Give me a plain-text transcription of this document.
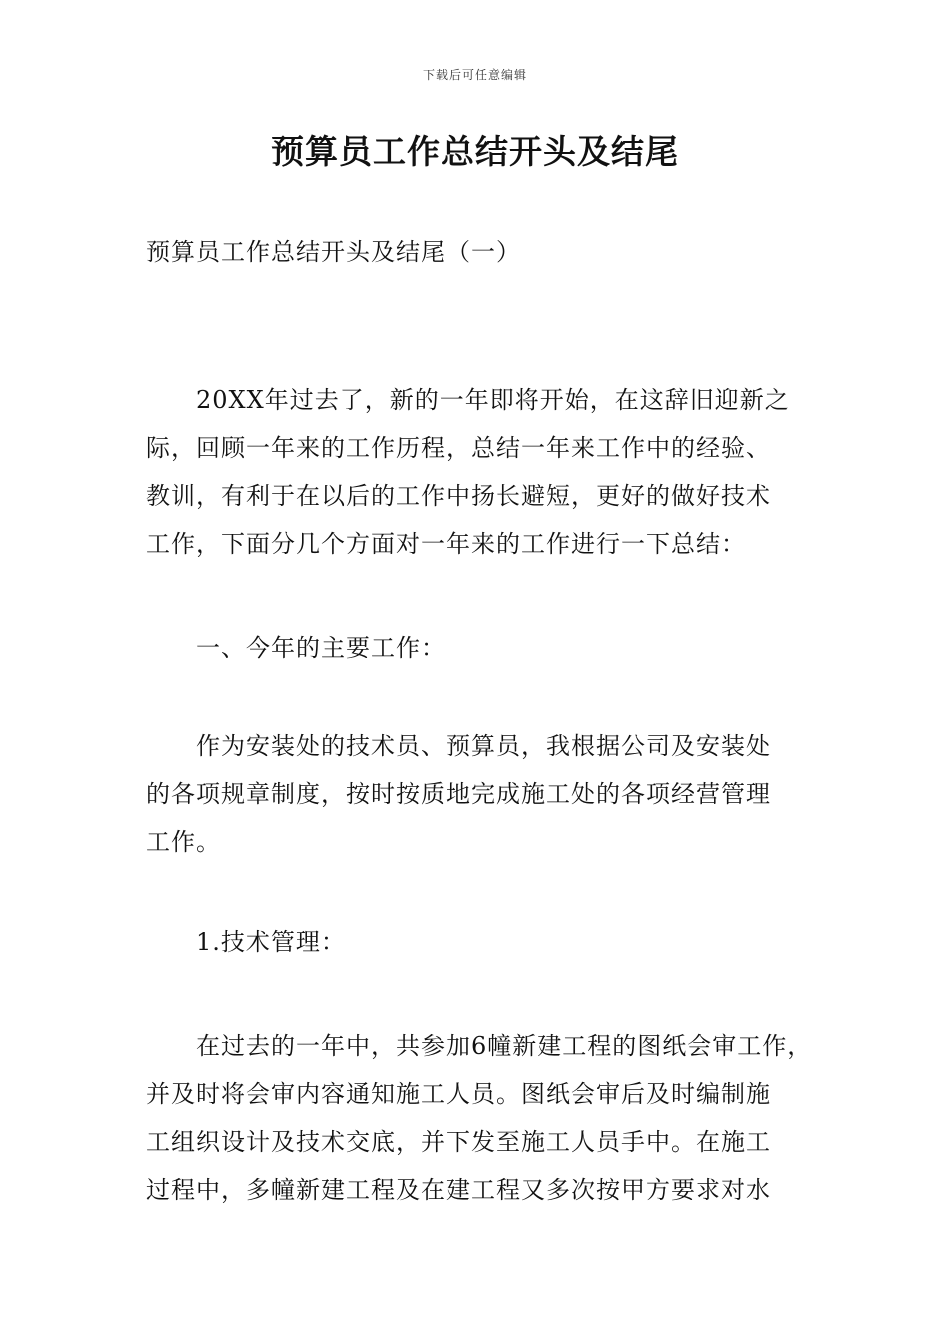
下载后可任意编辑
预算员工作总结开头及结尾
预算员工作总结开头及结尾（一）
20XX年过去了，新的一年即将开始，在这辞旧迎新之
际，回顾一年来的工作历程，总结一年来工作中的经验、
教训，有利于在以后的工作中扬长避短，更好的做好技术
工作，下面分几个方面对一年来的工作进行一下总结：
一、今年的主要工作：
作为安装处的技术员、预算员，我根据公司及安装处
的各项规章制度，按时按质地完成施工处的各项经营管理
工作。
1.技术管理：
在过去的一年中，共参加6幢新建工程的图纸会审工作，
并及时将会审内容通知施工人员。图纸会审后及时编制施
工组织设计及技术交底，并下发至施工人员手中。在施工
过程中，多幢新建工程及在建工程又多次按甲方要求对水
